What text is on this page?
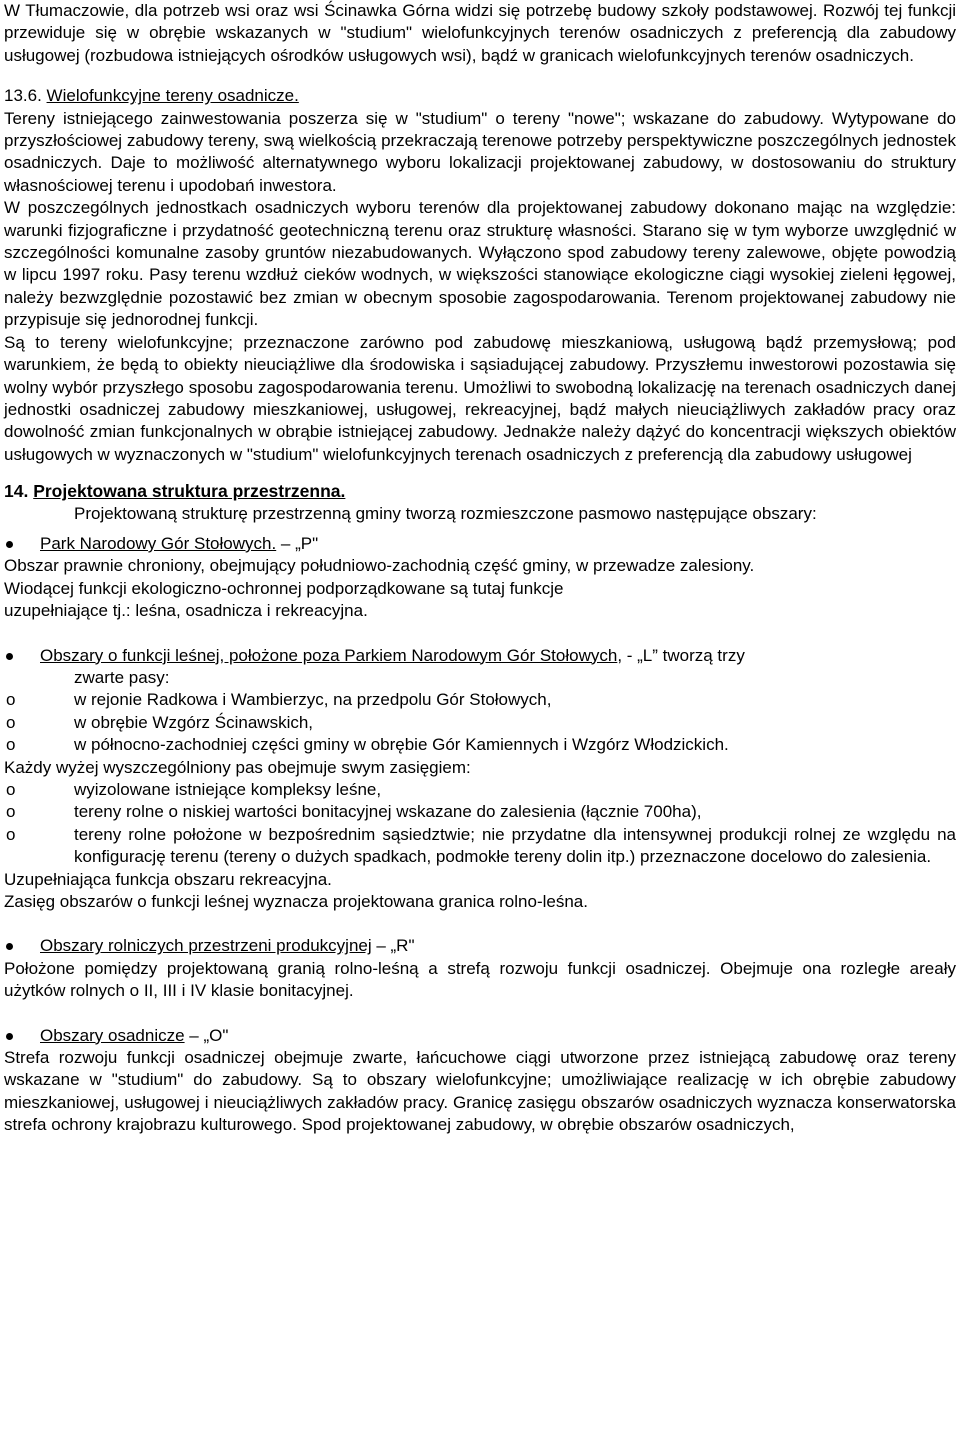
W Tłumaczowie, dla potrzeb wsi oraz wsi Ścinawka Górna widzi się potrzebę budowy szkoły podstawowej. Rozwój tej funkcji przewiduje się w obrębie wskazanych w "studium" wielofunkcyjnych terenów osadniczych z preferencją dla zabudowy usługowej (rozbudowa istniejących ośrodków usługowych wsi), bądź w granicach wielofunkcyjnych terenów osadniczych.

13.6. Wielofunkcyjne tereny osadnicze.

Tereny istniejącego zainwestowania poszerza się w "studium" o tereny "nowe"; wskazane do zabudowy. Wytypowane do przyszłościowej zabudowy tereny, swą wielkością przekraczają terenowe potrzeby perspektywiczne poszczególnych jednostek osadniczych. Daje to możliwość alternatywnego wyboru lokalizacji projektowanej zabudowy, w dostosowaniu do struktury własnościowej terenu i upodobań inwestora.

W poszczególnych jednostkach osadniczych wyboru terenów dla projektowanej zabudowy dokonano mając na względzie: warunki fizjograficzne i przydatność geotechniczną terenu oraz strukturę własności. Starano się w tym wyborze uwzględnić w szczególności komunalne zasoby gruntów niezabudowanych. Wyłączono spod zabudowy tereny zalewowe, objęte powodzią w lipcu 1997 roku. Pasy terenu wzdłuż cieków wodnych, w większości stanowiące ekologiczne ciągi wysokiej zieleni łęgowej, należy bezwzględnie pozostawić bez zmian w obecnym sposobie zagospodarowania. Terenom projektowanej zabudowy nie przypisuje się jednorodnej funkcji.

Są to tereny wielofunkcyjne; przeznaczone zarówno pod zabudowę mieszkaniową, usługową bądź przemysłową; pod warunkiem, że będą to obiekty nieuciążliwe dla środowiska i sąsiadującej zabudowy. Przyszłemu inwestorowi pozostawia się wolny wybór przyszłego sposobu zagospodarowania terenu. Umożliwi to swobodną lokalizację na terenach osadniczych danej jednostki osadniczej zabudowy mieszkaniowej, usługowej, rekreacyjnej, bądź małych nieuciążliwych zakładów pracy oraz dowolność zmian funkcjonalnych w obrąbie istniejącej zabudowy. Jednakże należy dążyć do koncentracji większych obiektów usługowych w wyznaczonych w "studium" wielofunkcyjnych terenach osadniczych z preferencją dla zabudowy usługowej

14. Projektowana struktura przestrzenna.

Projektowaną strukturę przestrzenną gminy tworzą rozmieszczone pasmowo następujące obszary:

Park Narodowy Gór Stołowych. – „P"

Obszar prawnie chroniony, obejmujący południowo-zachodnią część gminy, w przewadze zalesiony.

Wiodącej funkcji ekologiczno-ochronnej podporządkowane są tutaj funkcje

uzupełniające tj.: leśna, osadnicza i rekreacyjna.

Obszary o funkcji leśnej, położone poza Parkiem Narodowym Gór Stołowych, - „L” tworzą trzy

zwarte pasy:

o	w rejonie Radkowa i Wambierzyc, na przedpolu Gór Stołowych,
o	w obrębie Wzgórz Ścinawskich,
o	w północno-zachodniej części gminy w obrębie Gór Kamiennych i Wzgórz Włodzickich.

Każdy wyżej wyszczególniony pas obejmuje swym zasięgiem:

o	wyizolowane istniejące kompleksy leśne,
o	tereny rolne o niskiej wartości bonitacyjnej wskazane do zalesienia (łącznie 700ha),
o	tereny rolne położone w bezpośrednim sąsiedztwie; nie przydatne dla intensywnej produkcji rolnej ze względu na konfigurację terenu (tereny o dużych spadkach, podmokłe tereny dolin itp.) przeznaczone docelowo do zalesienia.

Uzupełniająca funkcja obszaru rekreacyjna.

Zasięg obszarów o funkcji leśnej wyznacza projektowana granica rolno-leśna.

Obszary rolniczych przestrzeni produkcyjnej – „R"

Położone pomiędzy projektowaną granią rolno-leśną a strefą rozwoju funkcji osadniczej. Obejmuje ona rozległe areały użytków rolnych o II, III i IV klasie bonitacyjnej.

Obszary osadnicze – „O"

Strefa rozwoju funkcji osadniczej obejmuje zwarte, łańcuchowe ciągi utworzone przez istniejącą zabudowę oraz tereny wskazane w "studium" do zabudowy. Są to obszary wielofunkcyjne; umożliwiające realizację w ich obrębie zabudowy mieszkaniowej, usługowej i nieuciążliwych zakładów pracy. Granicę zasięgu obszarów osadniczych wyznacza konserwatorska strefa ochrony krajobrazu kulturowego. Spod projektowanej zabudowy, w obrębie obszarów osadniczych,
